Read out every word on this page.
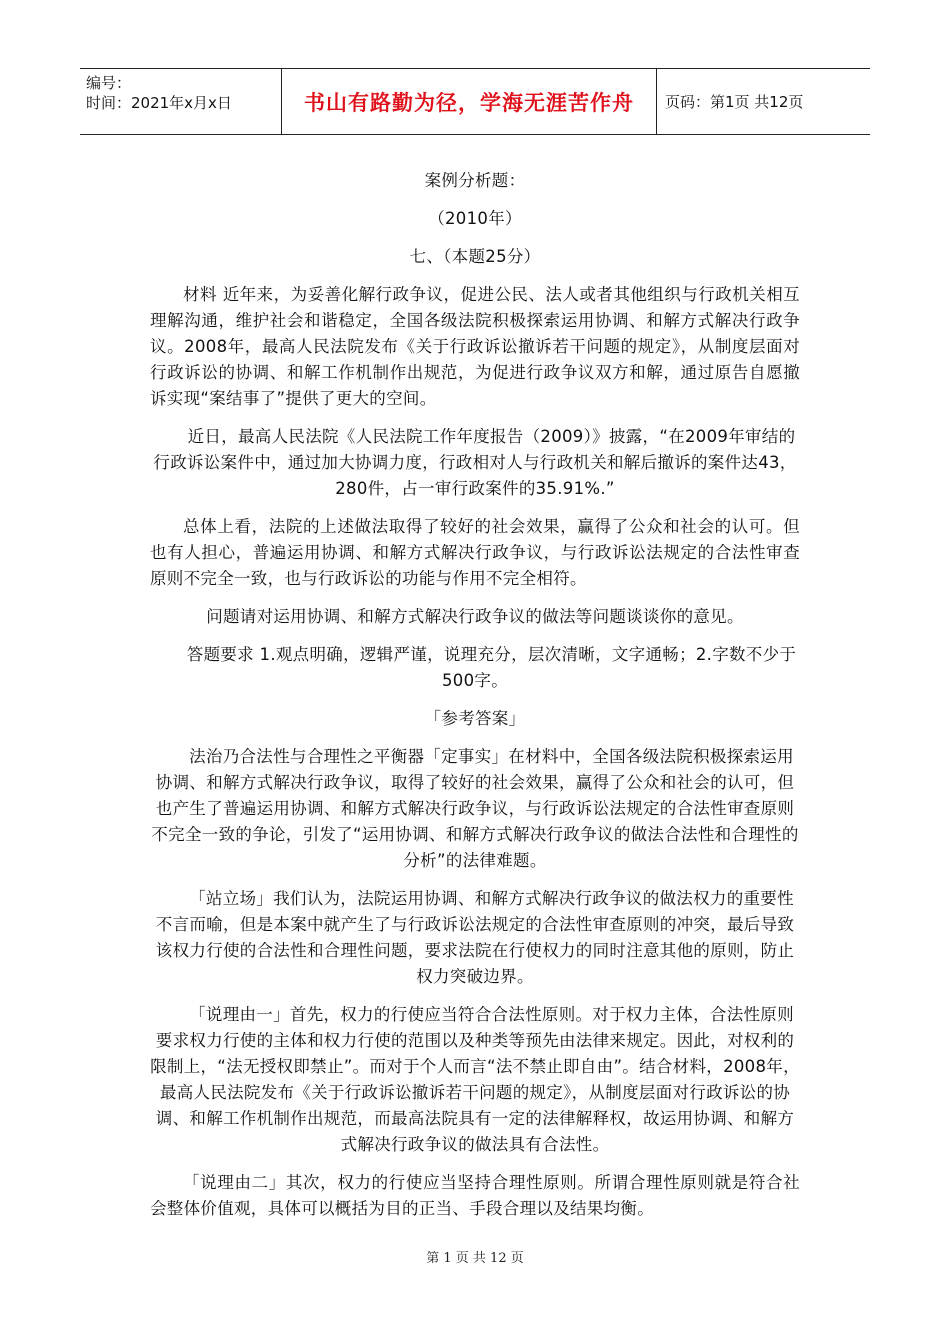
编号：
时间：2021年x月x日	书山有路勤为径，学海无涯苦作舟	页码：第1页 共12页

案例分析题：

（2010年）

七、（本题25分）

材料 近年来，为妥善化解行政争议，促进公民、法人或者其他组织与行政机关相互理解沟通，维护社会和谐稳定，全国各级法院积极探索运用协调、和解方式解决行政争议。2008年，最高人民法院发布《关于行政诉讼撤诉若干问题的规定》，从制度层面对行政诉讼的协调、和解工作机制作出规范，为促进行政争议双方和解，通过原告自愿撤诉实现“案结事了”提供了更大的空间。

近日，最高人民法院《人民法院工作年度报告（2009）》披露，“在2009年审结的行政诉讼案件中，通过加大协调力度，行政相对人与行政机关和解后撤诉的案件达43，280件，占一审行政案件的35.91%.”

总体上看，法院的上述做法取得了较好的社会效果，赢得了公众和社会的认可。但也有人担心，普遍运用协调、和解方式解决行政争议，与行政诉讼法规定的合法性审查原则不完全一致，也与行政诉讼的功能与作用不完全相符。

问题请对运用协调、和解方式解决行政争议的做法等问题谈谈你的意见。

答题要求 1.观点明确，逻辑严谨，说理充分，层次清晰，文字通畅；2.字数不少于500字。

「参考答案」

法治乃合法性与合理性之平衡器「定事实」在材料中，全国各级法院积极探索运用协调、和解方式解决行政争议，取得了较好的社会效果，赢得了公众和社会的认可，但也产生了普遍运用协调、和解方式解决行政争议，与行政诉讼法规定的合法性审查原则不完全一致的争论，引发了“运用协调、和解方式解决行政争议的做法合法性和合理性的分析”的法律难题。

「站立场」我们认为，法院运用协调、和解方式解决行政争议的做法权力的重要性不言而喻，但是本案中就产生了与行政诉讼法规定的合法性审查原则的冲突，最后导致该权力行使的合法性和合理性问题，要求法院在行使权力的同时注意其他的原则，防止权力突破边界。

「说理由一」首先，权力的行使应当符合合法性原则。对于权力主体，合法性原则要求权力行使的主体和权力行使的范围以及种类等预先由法律来规定。因此，对权利的限制上，“法无授权即禁止”。而对于个人而言“法不禁止即自由”。结合材料，2008年，最高人民法院发布《关于行政诉讼撤诉若干问题的规定》，从制度层面对行政诉讼的协调、和解工作机制作出规范，而最高法院具有一定的法律解释权，故运用协调、和解方式解决行政争议的做法具有合法性。

「说理由二」其次，权力的行使应当坚持合理性原则。所谓合理性原则就是符合社会整体价值观，具体可以概括为目的正当、手段合理以及结果均衡。

第 1 页 共 12 页
